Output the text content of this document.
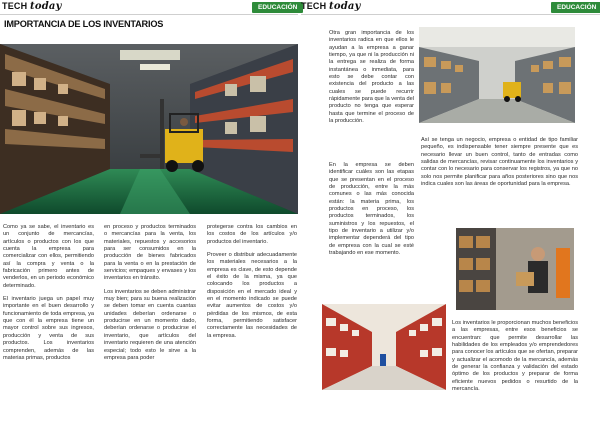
TECH today	EDUCACIÓN
IMPORTANCIA DE LOS INVENTARIOS

Como ya se sabe, el inventario es un conjunto de mercancías, artículos o productos con los que cuenta la empresa para comercializar con ellos, permitiendo así la compra y venta o la fabricación primero antes de venderlos, en un periodo económico determinado.

El inventario juega un papel muy importante en el buen desarrollo y funcionamiento de toda empresa, ya que con él la empresa tiene un mayor control sobre sus ingresos, producción y venta de sus productos. Los inventarios comprenden, además de las materias primas, productos

en proceso y productos terminados o mercancías para la venta, los materiales, repuestos y accesorios para ser consumidos en la producción de bienes fabricados para la venta o en la prestación de servicios; empaques y envases y los inventarios en tránsito.

Los inventarios se deben administrar muy bien; para su buena realización se deben tomar en cuenta cuantas unidades deberían ordenarse o producirse en un momento dado, deberían ordenarse o producirse el inventario, que artículos del inventario requieren de una atención especial; todo esto le sirve a la empresa para poder

protegerse contra los cambios en los costos de los artículos y/o productos del inventario.

Proveer o distribuir adecuadamente los materiales necesarios a la empresa es clave, de esto depende el éxito de la misma, ya que colocando los productos a disposición en el mercado ideal y en el momento indicado se puede evitar aumentos de costos y/o pérdidas de los mismos, de esta forma, permitiendo satisfacer correctamente las necesidades de la empresa.

TECH today	EDUCACIÓN

Otra gran importancia de los inventarios radica en que ellos le ayudan a la empresa a ganar tiempo, ya que ni la producción ni la entrega se realiza de forma instantánea o inmediata, para esto se debe contar con existencia del producto a las cuales se puede recurrir rápidamente para que la venta del producto no tenga que esperar hasta que termine el proceso de la producción.

En la empresa se deben identificar cuáles son las etapas que se presentan en el proceso de producción, entre la más comunes o las más conocida están: la materia prima, los productos en proceso, los productos terminados, los suministros y los repuestos, el tipo de inventario a utilizar y/o implementar dependerá del tipo de empresa con la cual se esté trabajando en ese momento.

Así se tenga un negocio, empresa o entidad de tipo familiar pequeño, es indispensable tener siempre presente que es necesario llevar un buen control, tanto de entradas como salidas de mercancías, revisar continuamente los inventarios y contar con lo necesario para conservar los registros, ya que no solo nos permite planificar para años posteriores sino que nos indica cuales son las áreas de oportunidad para la empresa.

Los inventarios le proporcionan muchos beneficios a las empresas, entre esos beneficios se encuentran: que permite desarrollar las habilidades de los empleados y/o emprendedores para conocer los artículos que se ofertan, preparar y actualizar el acomodo de la mercancía, además de generar la confianza y validación del estado óptimo de los productos y preparar de forma eficiente nuevos pedidos o resurtido de la mercancía.
